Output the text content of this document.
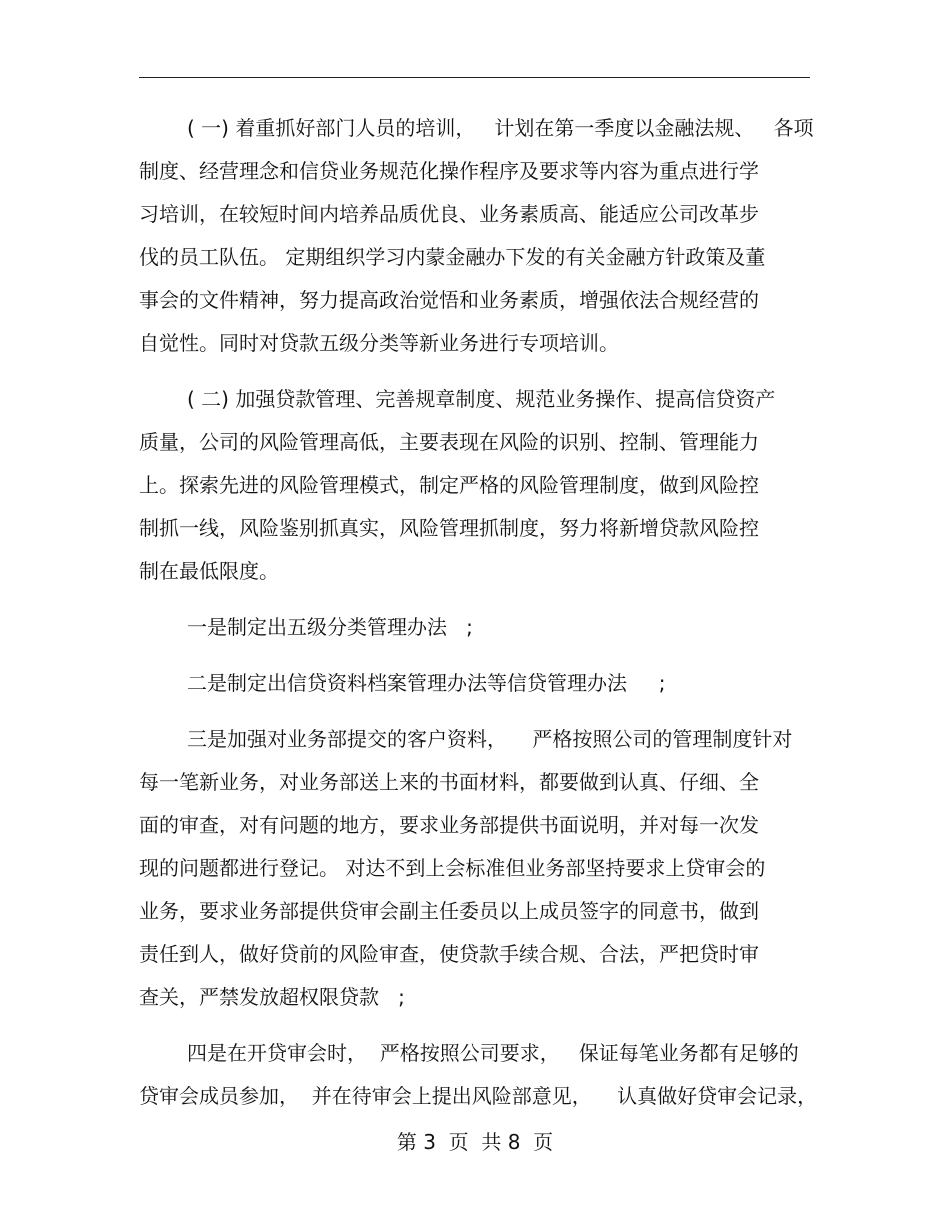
( 一) 着重抓好部门人员的培训，   计划在第一季度以金融法规、   各项
制度、经营理念和信贷业务规范化操作程序及要求等内容为重点进行学
习培训，在较短时间内培养品质优良、业务素质高、能适应公司改革步
伐的员工队伍。 定期组织学习内蒙金融办下发的有关金融方针政策及董
事会的文件精神，努力提高政治觉悟和业务素质，增强依法合规经营的
自觉性。同时对贷款五级分类等新业务进行专项培训。
( 二) 加强贷款管理、完善规章制度、规范业务操作、提高信贷资产
质量，公司的风险管理高低，主要表现在风险的识别、控制、管理能力
上。探索先进的风险管理模式，制定严格的风险管理制度，做到风险控
制抓一线，风险鉴别抓真实，风险管理抓制度，努力将新增贷款风险控
制在最低限度。
一是制定出五级分类管理办法   ;
二是制定出信贷资料档案管理办法等信贷管理办法     ;
三是加强对业务部提交的客户资料，    严格按照公司的管理制度针对
每一笔新业务，对业务部送上来的书面材料，都要做到认真、仔细、全
面的审查，对有问题的地方，要求业务部提供书面说明，并对每一次发
现的问题都进行登记。 对达不到上会标准但业务部坚持要求上贷审会的
业务，要求业务部提供贷审会副主任委员以上成员签字的同意书，做到
责任到人，做好贷前的风险审查，使贷款手续合规、合法，严把贷时审
查关，严禁发放超权限贷款   ;
四是在开贷审会时，  严格按照公司要求，   保证每笔业务都有足够的
贷审会成员参加，  并在待审会上提出风险部意见，    认真做好贷审会记录，
第 3  页  共 8  页
